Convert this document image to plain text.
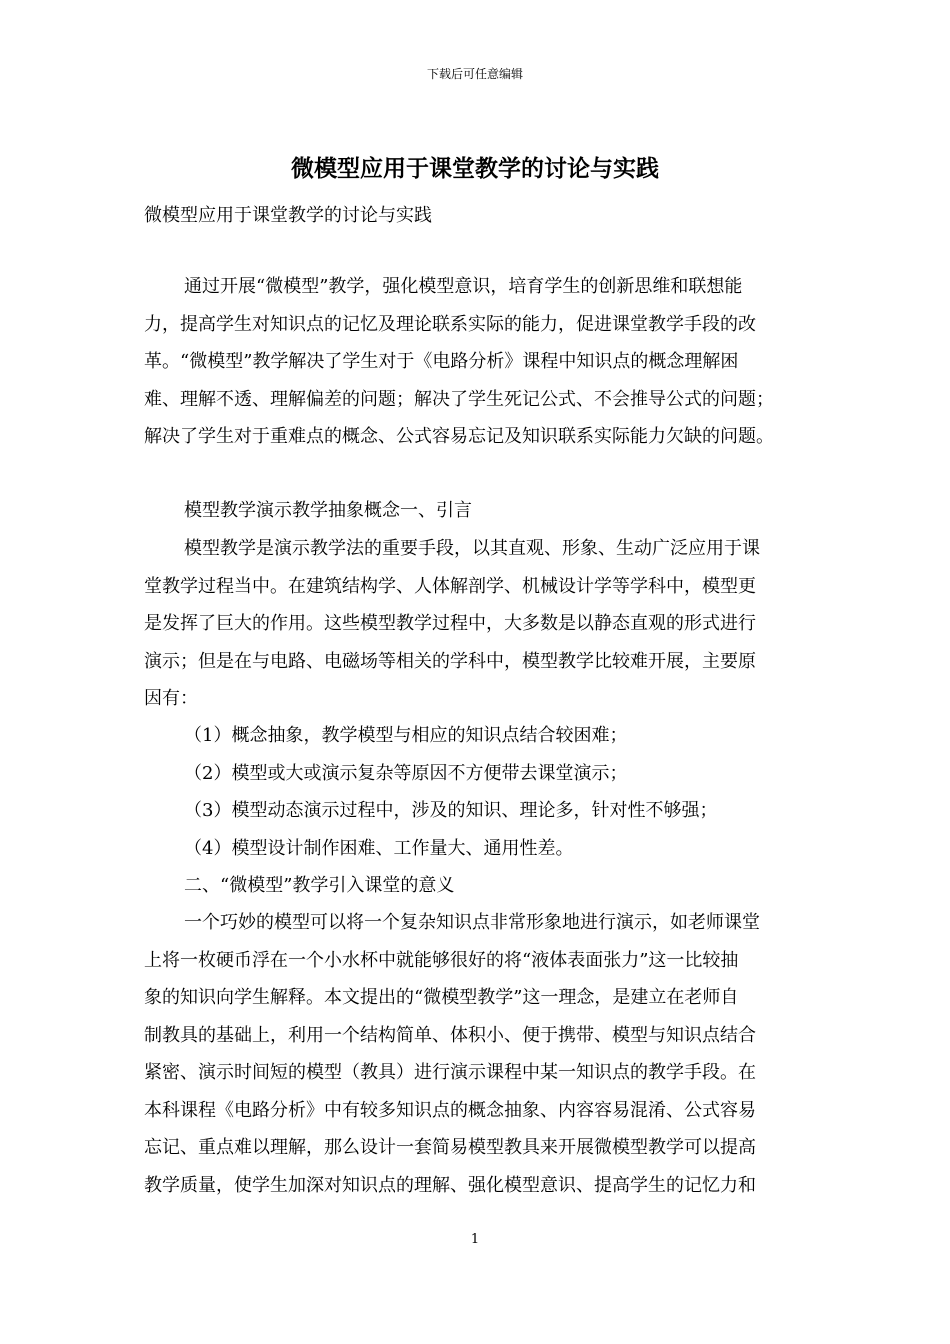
下载后可任意编辑
微模型应用于课堂教学的讨论与实践

微模型应用于课堂教学的讨论与实践

通过开展“微模型”教学，强化模型意识，培育学生的创新思维和联想能
力，提高学生对知识点的记忆及理论联系实际的能力，促进课堂教学手段的改
革。“微模型”教学解决了学生对于《电路分析》课程中知识点的概念理解困
难、理解不透、理解偏差的问题；解决了学生死记公式、不会推导公式的问题；
解决了学生对于重难点的概念、公式容易忘记及知识联系实际能力欠缺的问题。

模型教学演示教学抽象概念一、引言

模型教学是演示教学法的重要手段，以其直观、形象、生动广泛应用于课
堂教学过程当中。在建筑结构学、人体解剖学、机械设计学等学科中，模型更
是发挥了巨大的作用。这些模型教学过程中，大多数是以静态直观的形式进行
演示；但是在与电路、电磁场等相关的学科中，模型教学比较难开展，主要原
因有：

（1）概念抽象，教学模型与相应的知识点结合较困难；
（2）模型或大或演示复杂等原因不方便带去课堂演示；
（3）模型动态演示过程中，涉及的知识、理论多，针对性不够强；
（4）模型设计制作困难、工作量大、通用性差。

二、“微模型”教学引入课堂的意义

一个巧妙的模型可以将一个复杂知识点非常形象地进行演示，如老师课堂
上将一枚硬币浮在一个小水杯中就能够很好的将“液体表面张力”这一比较抽
象的知识向学生解释。本文提出的“微模型教学”这一理念，是建立在老师自
制教具的基础上，利用一个结构简单、体积小、便于携带、模型与知识点结合
紧密、演示时间短的模型（教具）进行演示课程中某一知识点的教学手段。在
本科课程《电路分析》中有较多知识点的概念抽象、内容容易混淆、公式容易
忘记、重点难以理解，那么设计一套简易模型教具来开展微模型教学可以提高
教学质量，使学生加深对知识点的理解、强化模型意识、提高学生的记忆力和

1
